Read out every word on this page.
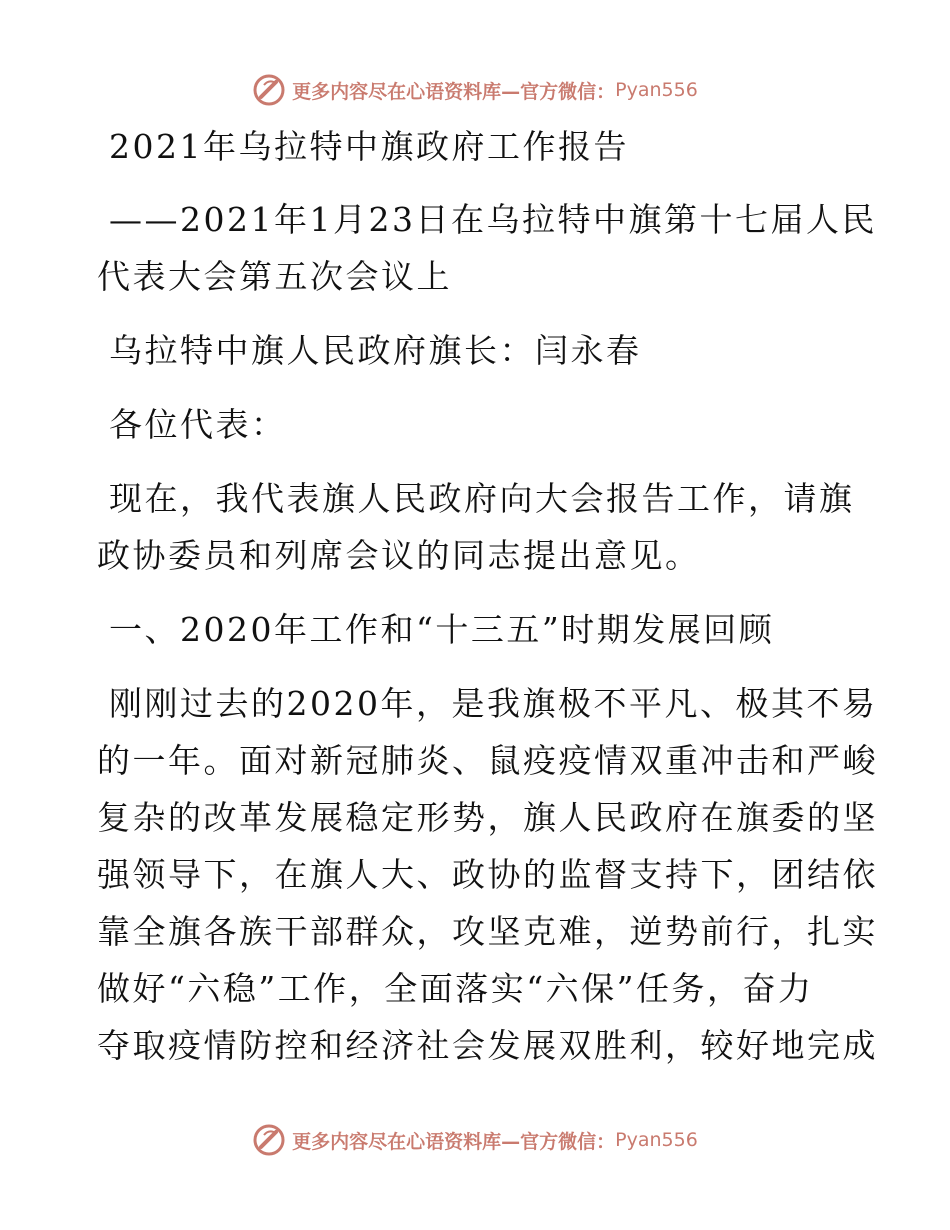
更多内容尽在心语资料库—官方微信： Pyan556

2021年乌拉特中旗政府工作报告

——2021年1月23日在乌拉特中旗第十七届人民

代表大会第五次会议上

乌拉特中旗人民政府旗长：闫永春

各位代表：

现在，我代表旗人民政府向大会报告工作，请旗

政协委员和列席会议的同志提出意见。

一、2020年工作和“十三五”时期发展回顾

刚刚过去的2020年，是我旗极不平凡、极其不易

的一年。面对新冠肺炎、鼠疫疫情双重冲击和严峻

复杂的改革发展稳定形势，旗人民政府在旗委的坚

强领导下，在旗人大、政协的监督支持下，团结依

靠全旗各族干部群众，攻坚克难，逆势前行，扎实

做好“六稳”工作，全面落实“六保”任务，奋力

夺取疫情防控和经济社会发展双胜利，较好地完成

更多内容尽在心语资料库—官方微信： Pyan556
